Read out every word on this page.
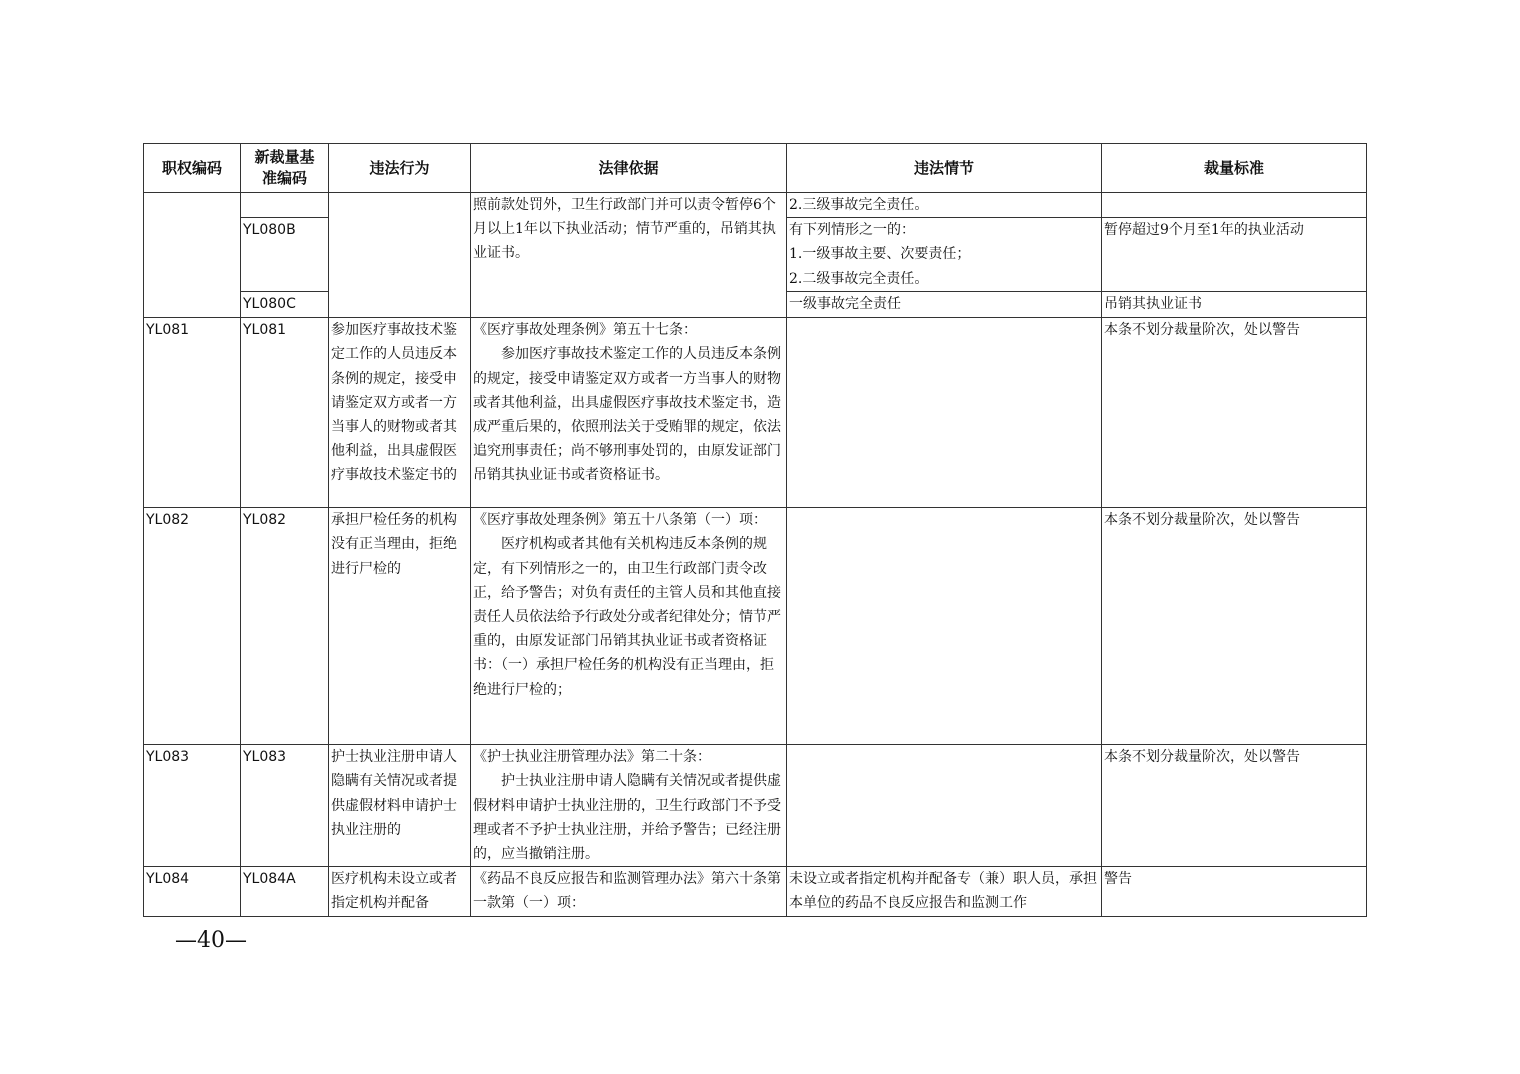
职权编码	新裁量基准编码	违法行为	法律依据	违法情节	裁量标准
			照前款处罚外，卫生行政部门并可以责令暂停6个月以上1年以下执业活动；情节严重的，吊销其执业证书。	2.三级事故完全责任。	
	YL080B			有下列情形之一的：
1.一级事故主要、次要责任；
2.二级事故完全责任。	暂停超过9个月至1年的执业活动
	YL080C			一级事故完全责任	吊销其执业证书
YL081	YL081	参加医疗事故技术鉴定工作的人员违反本条例的规定，接受申请鉴定双方或者一方当事人的财物或者其他利益，出具虚假医疗事故技术鉴定书的	《医疗事故处理条例》第五十七条：
参加医疗事故技术鉴定工作的人员违反本条例的规定，接受申请鉴定双方或者一方当事人的财物或者其他利益，出具虚假医疗事故技术鉴定书，造成严重后果的，依照刑法关于受贿罪的规定，依法追究刑事责任；尚不够刑事处罚的，由原发证部门吊销其执业证书或者资格证书。		本条不划分裁量阶次，处以警告
YL082	YL082	承担尸检任务的机构没有正当理由，拒绝进行尸检的	《医疗事故处理条例》第五十八条第（一）项：
医疗机构或者其他有关机构违反本条例的规定，有下列情形之一的，由卫生行政部门责令改正，给予警告；对负有责任的主管人员和其他直接责任人员依法给予行政处分或者纪律处分；情节严重的，由原发证部门吊销其执业证书或者资格证书：（一）承担尸检任务的机构没有正当理由，拒绝进行尸检的；		本条不划分裁量阶次，处以警告
YL083	YL083	护士执业注册申请人隐瞒有关情况或者提供虚假材料申请护士执业注册的	《护士执业注册管理办法》第二十条：
护士执业注册申请人隐瞒有关情况或者提供虚假材料申请护士执业注册的，卫生行政部门不予受理或者不予护士执业注册，并给予警告；已经注册的，应当撤销注册。		本条不划分裁量阶次，处以警告
YL084	YL084A	医疗机构未设立或者指定机构并配备	《药品不良反应报告和监测管理办法》第六十条第一款第（一）项：	未设立或者指定机构并配备专（兼）职人员，承担本单位的药品不良反应报告和监测工作	警告
—40—
